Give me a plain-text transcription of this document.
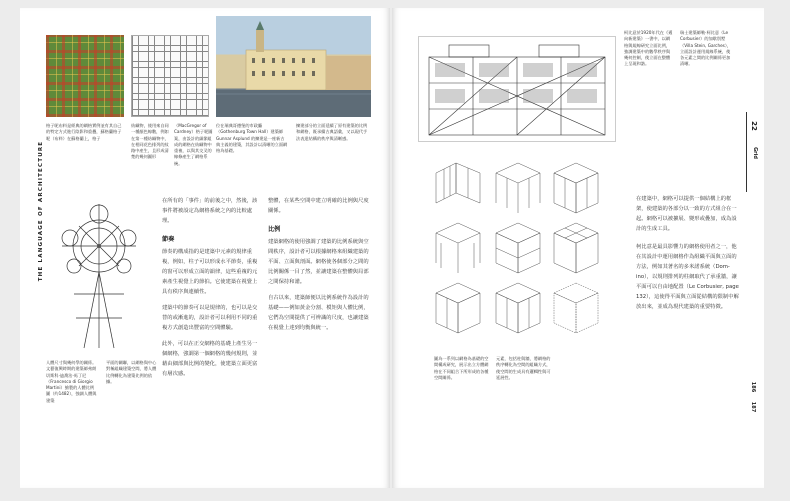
THE LANGUAGE OF ARCHITECTURE
格子呢布料是經典的網格實例並有其自己的特定方式進行陰影和重疊，蘇格蘭格子呢（布料）在蘇格蘭上，格子
紡織物，使用來自同一種顏色線數，例如在第一種紡織物中，在相同花色排列的紋路中產生，且形成清楚的幾何圖形
（MacGregor of Cardney）格子呢圖案，由設計的細節組成的網格在紡織物中重複，以與其交叉的線條產生了網格系統。
位在瑞典哥德堡的市政廳（Gothenburg Town Hall）建築師 Gunnar Asplund 的擴建是一座新古典主義的建築，其設計以清晰的立面網格為基礎。
擴建部分的立面延續了原有建築的比例和網格，既承續古典語彙，又以現代手法表達結構的秩序與清晰感。
人體尺寸與幾何學的關係。文藝復興時期的建築師弗朗切斯科·迪喬治·馬丁尼（Francesco di Giorgio Martini）繪製的人體比例圖（約1482），強調人體與建築
平面的關聯，以網格與中心對稱組織建築空間，將人體比例轉化為建築比例的依據。
在所有的「事件」的前後之中，然後，該事件將被設定為網格系統之內的比較處理。
節奏
節奏的構成指的是建築中元素的規律重複，例如，柱子可以形成水平節奏，重複的窗可以形成立面的韻律，這些重複的元素產生視覺上的節拍。它使建築在視覺上具有秩序與連續性。
建築中的節奏可以是規律的，也可以是交替的或漸進的，設計者可以利用不同的重複方式創造出豐富的空間體驗。
此外，可以在正交網格的基礎上產生另一個網格，強調第一個網格的幾何規則，並藉由細部與比例的變化，使建築立面更富有層次感。
整體，在某些空間中建立明確的比例與尺度關係。
比例
建築網格的使用強調了建築的比例系統與空間秩序，設計者可以根據網格來組織建築的平面、立面與剖面。網格使各個部分之間的比例關係一目了然，並讓建築在整體與局部之間保持和諧。
自古以來，建築師便以比例系統作為設計的基礎——例如黃金分割、模矩與人體比例，它們為空間提供了可辨識的尺度，也讓建築在視覺上達到均衡與統一。
柯比意於1920年代在《邁向新建築》一書中，以網格與規線研究立面比例，強調建築中的數學秩序與幾何控制，使立面在整體上呈現和諧。
瑞士建築師勒·柯比意（Le Corbusier）的加歇別墅（Villa Stein, Garches），立面設計運用規線系統，使各元素之間的比例關係更加清晰。
22
Grid
186
187
圖為一系列以網格為基礎的空間構成研究，展示出立方體網格在不同組合下所形成的各種空間關係。
元素，包括柱與牆，將網格的秩序轉化為空間的組織方式，使空間的生成具有邏輯性與可延展性。
在建築中，網格可以提供一個結構上的框架，使建築的各部分以一致的方式組合在一起。網格可以被擴展、變形或疊加，成為設計的生成工具。
柯比意是最具影響力的網格使用者之一，他在其設計中運用網格作為組織平面與立面的方法，例如其著名的多米諾系統（Dom-ino），以規則排列的柱網取代了承重牆，讓平面可以自由地配置（Le Corbusier, page 132），這使得平面與立面從結構的限制中解放出來，並成為現代建築的重要特徵。
